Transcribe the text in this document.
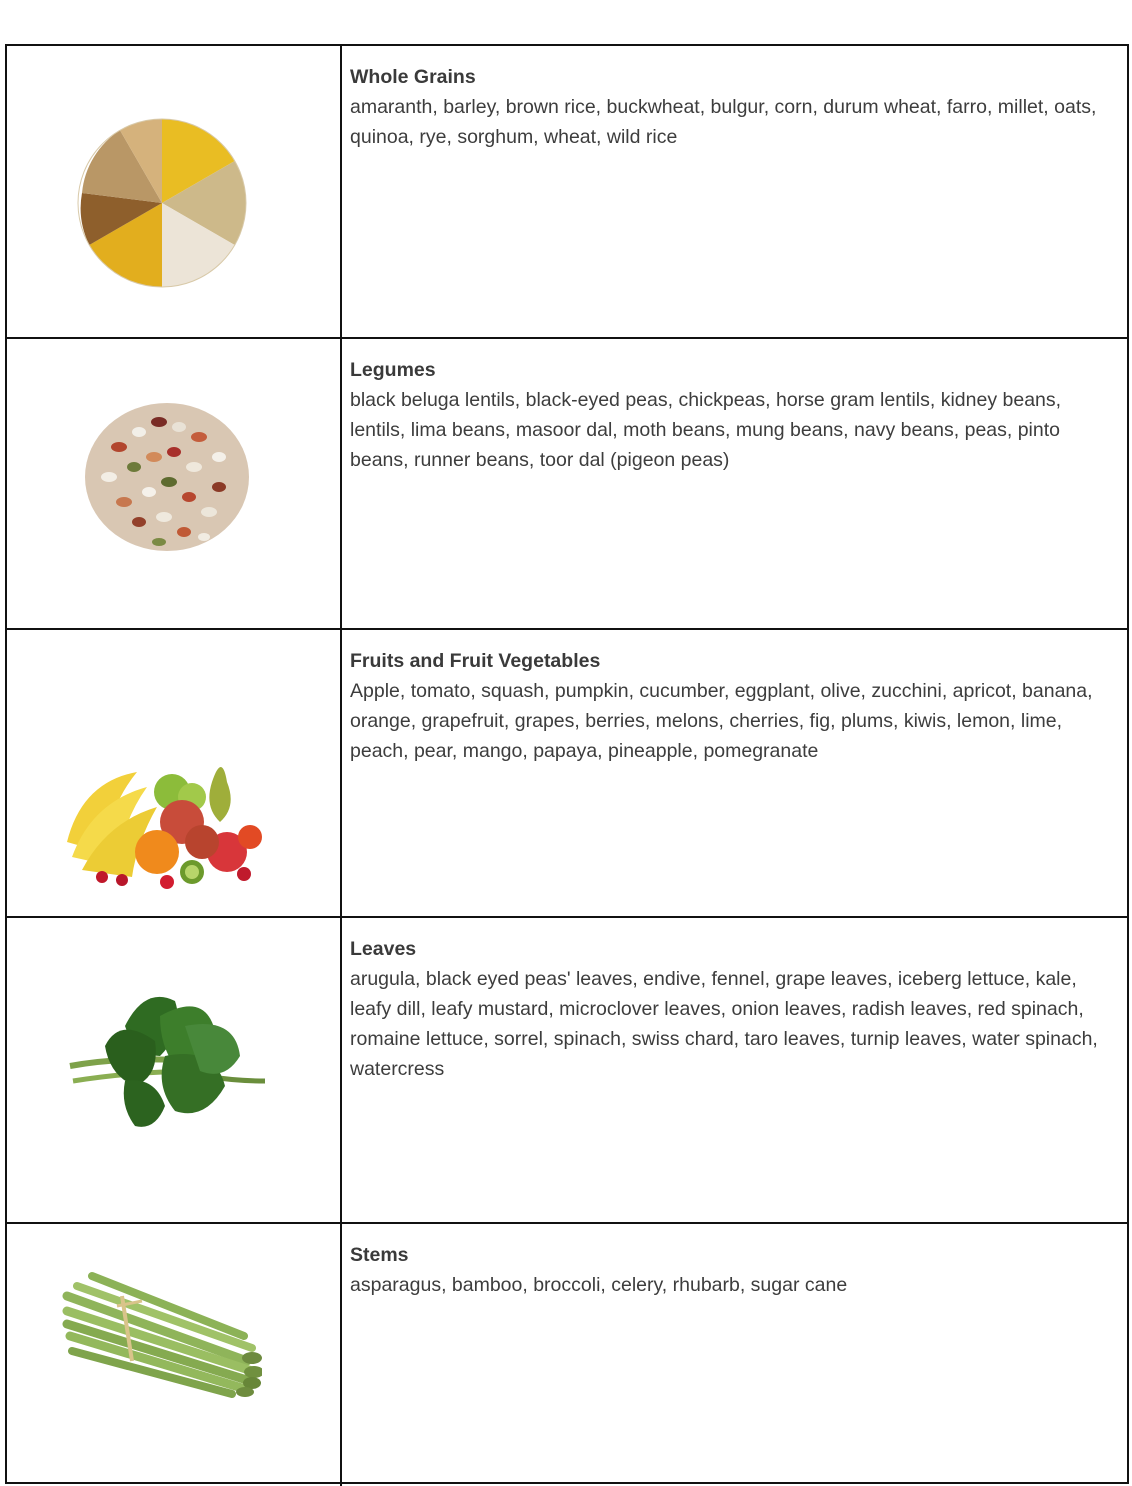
Whole Grains
amaranth, barley, brown rice, buckwheat, bulgur, corn, durum wheat, farro, millet, oats, quinoa, rye, sorghum, wheat, wild rice
Legumes
black beluga lentils, black-eyed peas, chickpeas, horse gram lentils, kidney beans, lentils, lima beans, masoor dal, moth beans, mung beans, navy beans, peas, pinto beans, runner beans, toor dal (pigeon peas)
Fruits and Fruit Vegetables
Apple, tomato, squash, pumpkin, cucumber, eggplant, olive, zucchini, apricot, banana, orange, grapefruit, grapes, berries, melons, cherries, fig, plums, kiwis, lemon, lime, peach, pear, mango, papaya, pineapple, pomegranate
Leaves
arugula, black eyed peas' leaves, endive, fennel, grape leaves, iceberg lettuce, kale, leafy dill, leafy mustard, microclover leaves, onion leaves, radish leaves, red spinach, romaine lettuce, sorrel, spinach, swiss chard, taro leaves, turnip leaves, water spinach, watercress
Stems
asparagus, bamboo, broccoli, celery, rhubarb, sugar cane
